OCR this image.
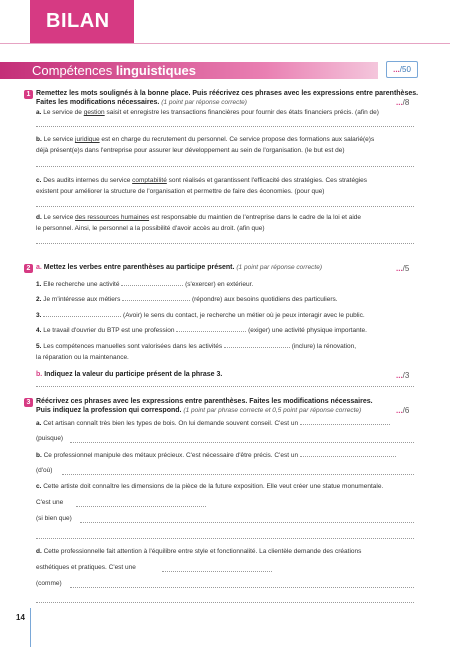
BILAN
Compétences linguistiques	.../50
1 Remettez les mots soulignés à la bonne place. Puis réécrivez ces phrases avec les expressions entre parenthèses.
Faites les modifications nécessaires. (1 point par réponse correcte)	.../8
a. Le service de gestion saisit et enregistre les transactions financières pour fournir des états financiers précis. (afin de)
b. Le service juridique est en charge du recrutement du personnel. Ce service propose des formations aux salarié(e)s
déjà présent(e)s dans l'entreprise pour assurer leur développement au sein de l'organisation. (le but est de)
c. Des audits internes du service comptabilité sont réalisés et garantissent l'efficacité des stratégies. Ces stratégies
existent pour améliorer la structure de l'organisation et permettre de faire des économies. (pour que)
d. Le service des ressources humaines est responsable du maintien de l'entreprise dans le cadre de la loi et aide
le personnel. Ainsi, le personnel a la possibilité d'avoir accès au droit. (afin que)
2 a. Mettez les verbes entre parenthèses au participe présent. (1 point par réponse correcte)	.../5
1. Elle recherche une activité	(s'exercer) en extérieur.
2. Je m'intéresse aux métiers	(répondre) aux besoins quotidiens des particuliers.
3.	(Avoir) le sens du contact, je recherche un métier où je peux interagir avec le public.
4. Le travail d'ouvrier du BTP est une profession	(exiger) une activité physique importante.
5. Les compétences manuelles sont valorisées dans les activités	(inclure) la rénovation,
la réparation ou la maintenance.
b. Indiquez la valeur du participe présent de la phrase 3.	.../3
3 Réécrivez ces phrases avec les expressions entre parenthèses. Faites les modifications nécessaires.
Puis indiquez la profession qui correspond. (1 point par phrase correcte et 0,5 point par réponse correcte)	.../6
a. Cet artisan connaît très bien les types de bois. On lui demande souvent conseil. C'est un
(puisque)
b. Ce professionnel manipule des métaux précieux. C'est nécessaire d'être précis. C'est un
(d'où)
c. Cette artiste doit connaître les dimensions de la pièce de la future exposition. Elle veut créer une statue monumentale.
C'est une
(si bien que)
d. Cette professionnelle fait attention à l'équilibre entre style et fonctionnalité. La clientèle demande des créations
esthétiques et pratiques. C'est une
(comme)
14
